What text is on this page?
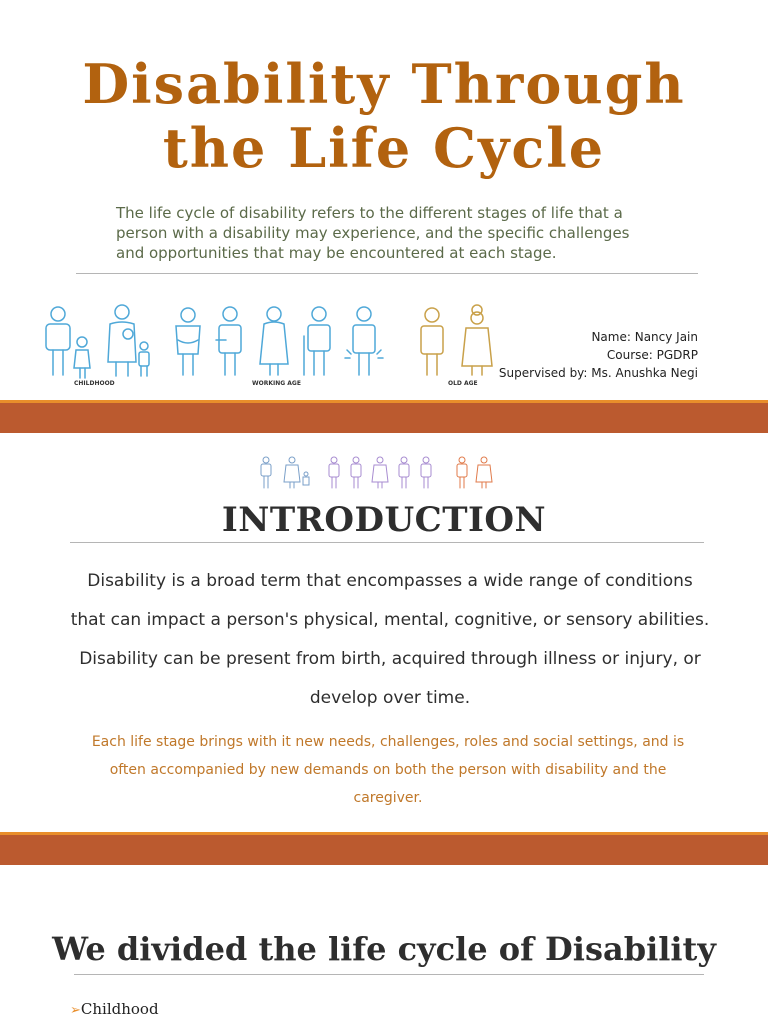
Disability Through
the Life Cycle
The life cycle of disability refers to the different stages of life that a person with a disability may experience, and the specific challenges and opportunities that may be encountered at each stage.
CHILDHOOD	WORKING AGE	OLD AGE
Name: Nancy Jain
Course: PGDRP
Supervised by: Ms. Anushka Negi
INTRODUCTION
Disability is a broad term that encompasses a wide range of conditions that can impact a person's physical, mental, cognitive, or sensory abilities. Disability can be present from birth, acquired through illness or injury, or develop over time.
Each life stage brings with it new needs, challenges, roles and social settings, and is often accompanied by new demands on both the person with disability and the caregiver.
We divided the life cycle of Disability
➢Childhood
